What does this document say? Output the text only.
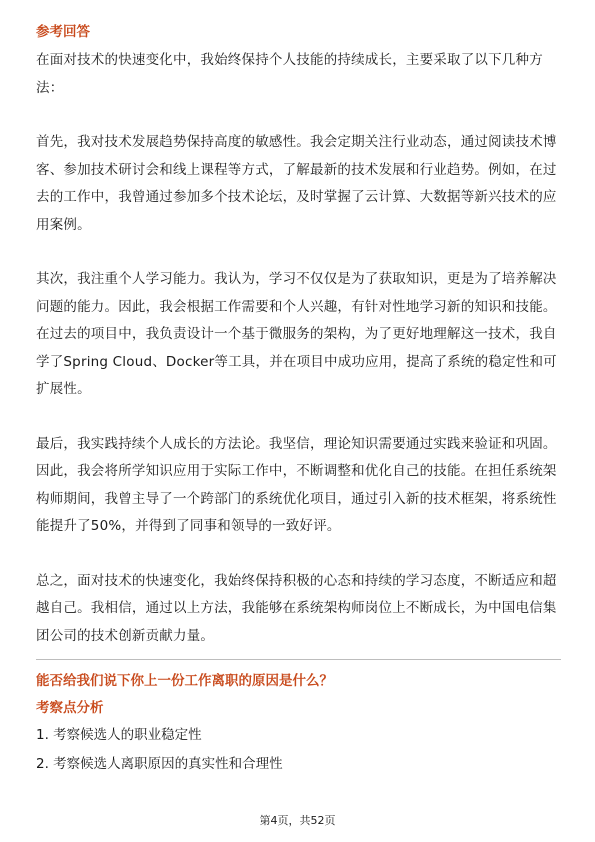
参考回答

在面对技术的快速变化中，我始终保持个人技能的持续成长，主要采取了以下几种方法：

首先，我对技术发展趋势保持高度的敏感性。我会定期关注行业动态，通过阅读技术博客、参加技术研讨会和线上课程等方式，了解最新的技术发展和行业趋势。例如，在过去的工作中，我曾通过参加多个技术论坛，及时掌握了云计算、大数据等新兴技术的应用案例。

其次，我注重个人学习能力。我认为，学习不仅仅是为了获取知识，更是为了培养解决问题的能力。因此，我会根据工作需要和个人兴趣，有针对性地学习新的知识和技能。在过去的项目中，我负责设计一个基于微服务的架构，为了更好地理解这一技术，我自学了Spring Cloud、Docker等工具，并在项目中成功应用，提高了系统的稳定性和可扩展性。

最后，我实践持续个人成长的方法论。我坚信，理论知识需要通过实践来验证和巩固。因此，我会将所学知识应用于实际工作中，不断调整和优化自己的技能。在担任系统架构师期间，我曾主导了一个跨部门的系统优化项目，通过引入新的技术框架，将系统性能提升了50%，并得到了同事和领导的一致好评。

总之，面对技术的快速变化，我始终保持积极的心态和持续的学习态度，不断适应和超越自己。我相信，通过以上方法，我能够在系统架构师岗位上不断成长，为中国电信集团公司的技术创新贡献力量。

能否给我们说下你上一份工作离职的原因是什么？

考察点分析

1. 考察候选人的职业稳定性

2. 考察候选人离职原因的真实性和合理性

第4页，共52页
